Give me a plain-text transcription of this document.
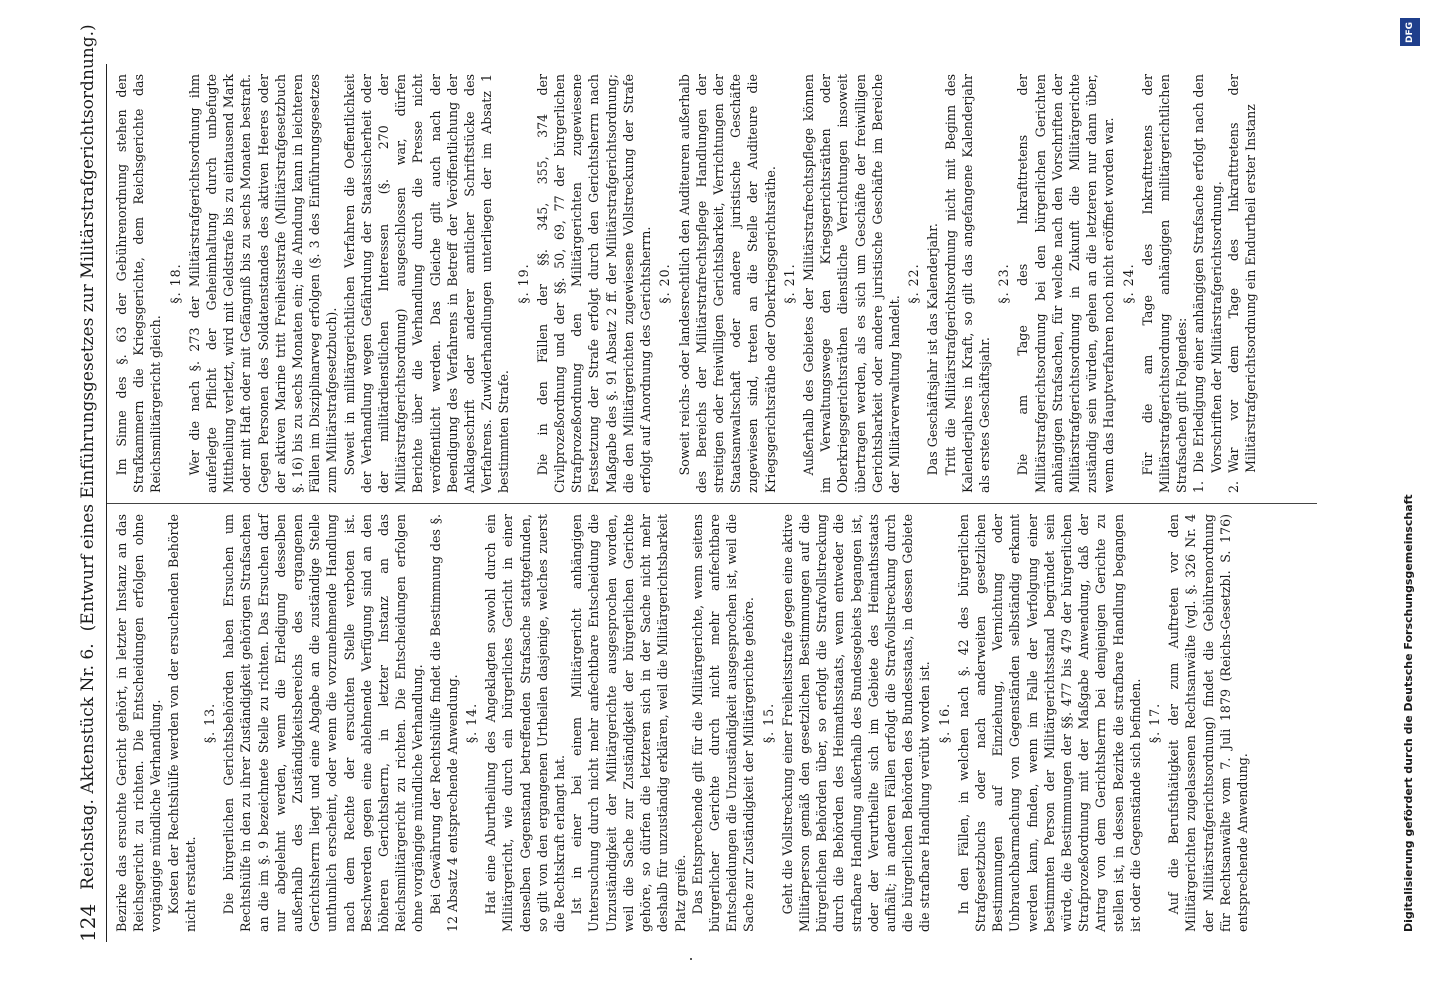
124
Reichstag. Aktenstück Nr. 6.
(Entwurf eines Einführungsgesetzes zur Militärstrafgerichtsordnung.)

Bezirke das ersuchte Gericht gehört, in letzter Instanz an das Reichsgericht zu richten. Die Entscheidungen erfolgen ohne vorgängige mündliche Verhandlung. Kosten der Rechtshülfe werden von der ersuchenden Behörde nicht erstattet.

§. 13. Die bürgerlichen Gerichtsbehörden haben Ersuchen um Rechtshülfe in den zu ihrer Zuständigkeit gehörigen Strafsachen an die im §. 9 bezeichnete Stelle zu richten. Das Ersuchen darf nur abgelehnt werden, wenn die Erledigung desselben außerhalb des Zuständigkeitsbereichs des ergangenen Gerichtsherrn liegt und eine Abgabe an die zuständige Stelle unthunlich erscheint, oder wenn die vorzunehmende Handlung nach dem Rechte der ersuchten Stelle verboten ist. Beschwerden gegen eine ablehnende Verfügung sind an den höheren Gerichtsherrn, in letzter Instanz an das Reichsmilitärgericht zu richten. Die Entscheidungen erfolgen ohne vorgängige mündliche Verhandlung. Bei Gewährung der Rechtshülfe findet die Bestimmung des §. 12 Absatz 4 entsprechende Anwendung. §. 14. Hat eine Aburtheilung des Angeklagten sowohl durch ein Militärgericht, wie durch ein bürgerliches Gericht in einer denselben Gegenstand betreffenden Strafsache stattgefunden, so gilt von den ergangenen Urtheilen dasjenige, welches zuerst die Rechtskraft erlangt hat. Ist in einer bei einem Militärgericht anhängigen Untersuchung durch nicht mehr anfechtbare Entscheidung die Unzuständigkeit der Militärgerichte ausgesprochen worden, weil die Sache zur Zuständigkeit der bürgerlichen Gerichte gehöre, so dürfen die letzteren sich in der Sache nicht mehr deshalb für unzuständig erklären, weil die Militärgerichtsbarkeit Platz greife. Das Entsprechende gilt für die Militärgerichte, wenn seitens bürgerlicher Gerichte durch nicht mehr anfechtbare Entscheidungen die Unzuständigkeit ausgesprochen ist, weil die Sache zur Zuständigkeit der Militärgerichte gehöre. §. 15. Geht die Vollstreckung einer Freiheitsstrafe gegen eine aktive Militärperson gemäß den gesetzlichen Bestimmungen auf die bürgerlichen Behörden über, so erfolgt die Strafvollstreckung durch die Behörden des Heimathsstaats, wenn entweder die strafbare Handlung außerhalb des Bundesgebiets begangen ist, oder der Verurtheilte sich im Gebiete des Heimathsstaats aufhält; in anderen Fällen erfolgt die Strafvollstreckung durch die bürgerlichen Behörden des Bundesstaats, in dessen Gebiete die strafbare Handlung verübt worden ist. §. 16. In den Fällen, in welchen nach §. 42 des bürgerlichen Strafgesetzbuchs oder nach anderweiten gesetzlichen Bestimmungen auf Einziehung, Vernichtung oder Unbrauchbarmachung von Gegenständen selbständig erkannt werden kann, finden, wenn im Falle der Verfolgung einer bestimmten Person der Militärgerichtsstand begründet sein würde, die Bestimmungen der §§. 477 bis 479 der bürgerlichen Strafprozeßordnung mit der Maßgabe Anwendung, daß der Antrag von dem Gerichtsherrn bei demjenigen Gerichte zu stellen ist, in dessen Bezirke die strafbare Handlung begangen ist oder die Gegenstände sich befinden. §. 17. Auf die Berufsthätigkeit der zum Auftreten vor den Militärgerichten zugelassenen Rechtsanwälte (vgl. §. 326 Nr. 4 der Militärstrafgerichtsordnung) findet die Gebührenordnung für Rechtsanwälte vom 7. Juli 1879 (Reichs-Gesetzbl. S. 176) entsprechende Anwendung.

Im Sinne des §. 63 der Gebührenordnung stehen den Strafkammern die Kriegsgerichte, dem Reichsgerichte das Reichsmilitärgericht gleich.

§. 18. Wer die nach §. 273 der Militärstrafgerichtsordnung ihm auferlegte Pflicht der Geheimhaltung durch unbefugte Mittheilung verletzt, wird mit Geldstrafe bis zu eintausend Mark oder mit Haft oder mit Gefängniß bis zu sechs Monaten bestraft. Gegen Personen des Soldatenstandes des aktiven Heeres oder der aktiven Marine tritt Freiheitsstrafe (Militärstrafgesetzbuch §. 16) bis zu sechs Monaten ein; die Ahndung kann in leichteren Fällen im Disziplinarweg erfolgen (§. 3 des Einführungsgesetzes zum Militärstrafgesetzbuch). Soweit in militärgerichtlichen Verfahren die Oeffentlichkeit der Verhandlung wegen Gefährdung der Staatssicherheit oder der militärdienstlichen Interessen (§. 270 der Militärstrafgerichtsordnung) ausgeschlossen war, dürfen Berichte über die Verhandlung durch die Presse nicht veröffentlicht werden. Das Gleiche gilt auch nach der Beendigung des Verfahrens in Betreff der Veröffentlichung der Anklageschrift oder anderer amtlicher Schriftstücke des Verfahrens. Zuwiderhandlungen unterliegen der im Absatz 1 bestimmten Strafe.

§. 19. Die in den Fällen der §§. 345, 355, 374 der Civilprozeßordnung und der §§. 50, 69, 77 der bürgerlichen Strafprozeßordnung den Militärgerichten zugewiesene Festsetzung der Strafe erfolgt durch den Gerichtsherrn nach Maßgabe des §. 91 Absatz 2 ff. der Militärstrafgerichtsordnung; die den Militärgerichten zugewiesene Vollstreckung der Strafe erfolgt auf Anordnung des Gerichtsherrn. §. 20. Soweit reichs- oder landesrechtlich den Auditeuren außerhalb des Bereichs der Militärstrafrechtspflege Handlungen der streitigen oder freiwilligen Gerichtsbarkeit, Verrichtungen der Staatsanwaltschaft oder andere juristische Geschäfte zugewiesen sind, treten an die Stelle der Auditeure die Kriegsgerichtsräthe oder Oberkriegsgerichtsräthe. §. 21. Außerhalb des Gebietes der Militärstrafrechtspflege können im Verwaltungswege den Kriegsgerichtsräthen oder Oberkriegsgerichtsräthen dienstliche Verrichtungen insoweit übertragen werden, als es sich um Geschäfte der freiwilligen Gerichtsbarkeit oder andere juristische Geschäfte im Bereiche der Militärverwaltung handelt.

§. 22. Das Geschäftsjahr ist das Kalenderjahr. Tritt die Militärstrafgerichtsordnung nicht mit Beginn des Kalenderjahres in Kraft, so gilt das angefangene Kalenderjahr als erstes Geschäftsjahr.

§. 23. Die am Tage des Inkrafttretens der Militärstrafgerichtsordnung bei den bürgerlichen Gerichten anhängigen Strafsachen, für welche nach den Vorschriften der Militärstrafgerichtsordnung in Zukunft die Militärgerichte zuständig sein würden, gehen an die letzteren nur dann über, wenn das Hauptverfahren noch nicht eröffnet worden war. §. 24. Für die am Tage des Inkrafttretens der Militärstrafgerichtsordnung anhängigen militärgerichtlichen Strafsachen gilt Folgendes: 1.
Die Erledigung einer anhängigen Strafsache erfolgt nach den Vorschriften der Militärstrafgerichtsordnung.

2.
War vor dem Tage des Inkrafttretens der Militärstrafgerichtsordnung ein Endurtheil erster Instanz

Digitalisierung gefördert durch die Deutsche Forschungsgemeinschaft
DFG
